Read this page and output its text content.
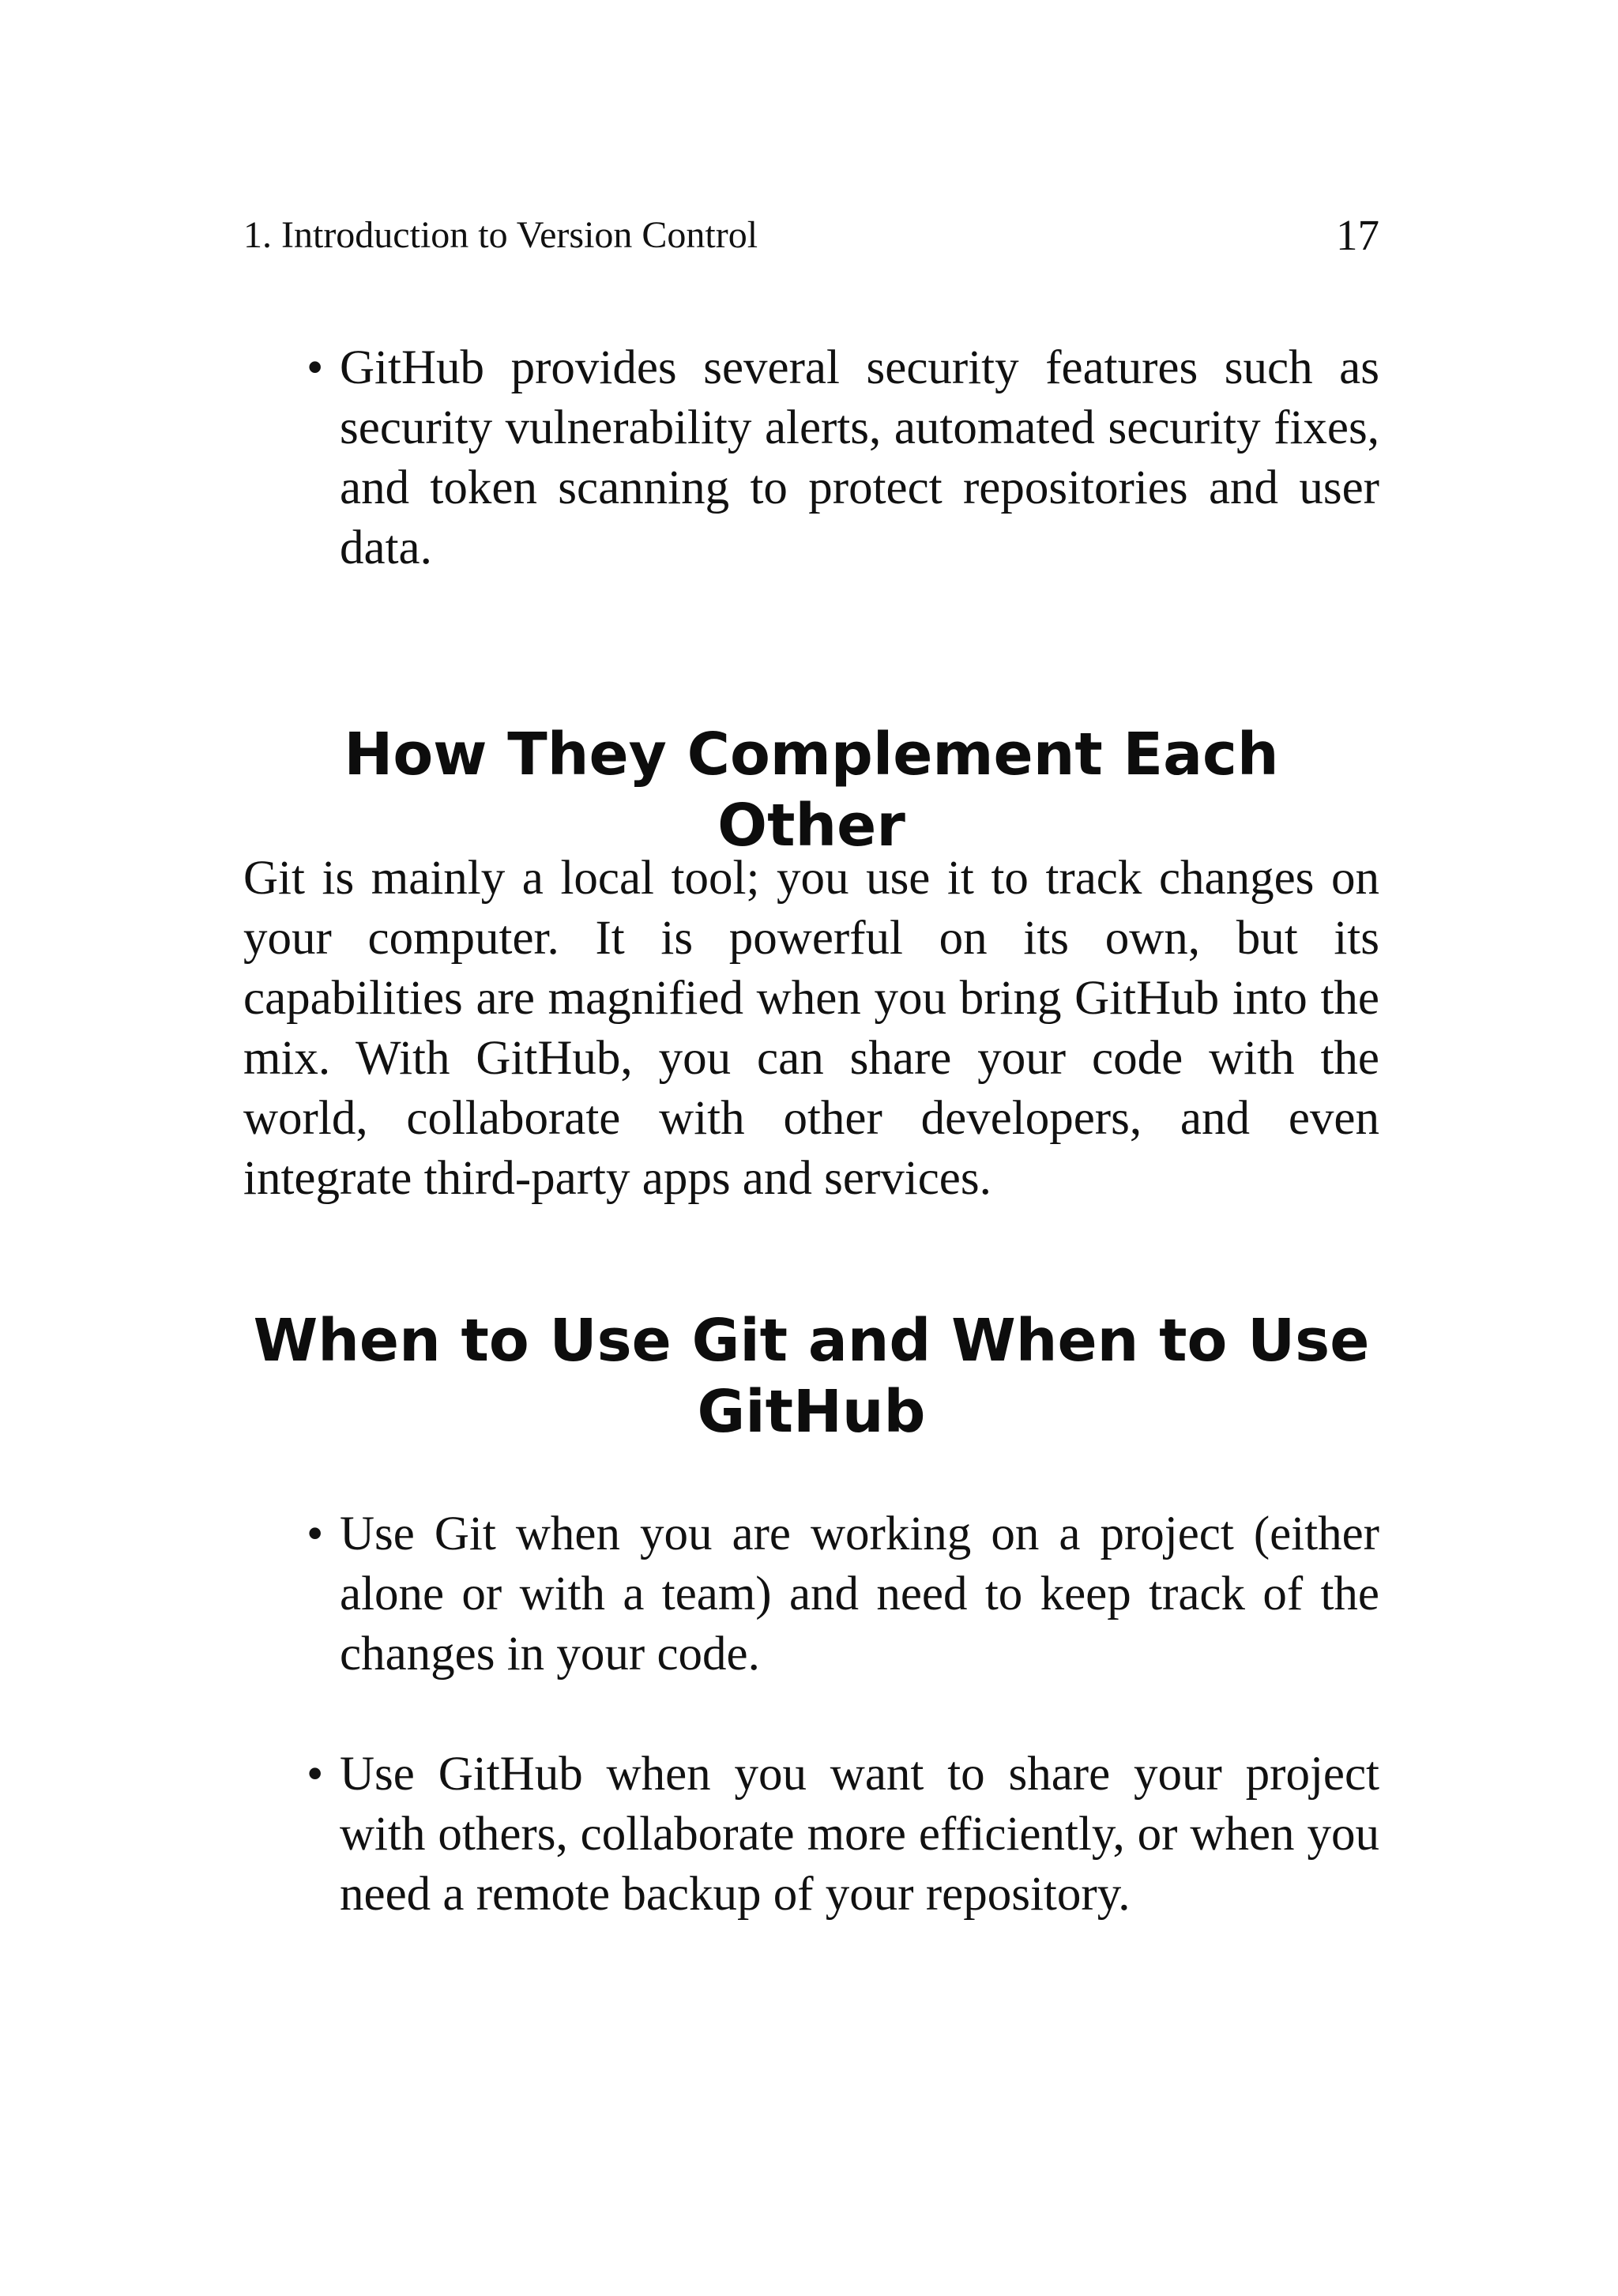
1. Introduction to Version Control	17
• GitHub provides several security features such as security vulnerability alerts, automated security fixes, and token scanning to protect repositories and user data.
How They Complement Each Other

Git is mainly a local tool; you use it to track changes on your computer. It is powerful on its own, but its capabilities are magnified when you bring GitHub into the mix. With GitHub, you can share your code with the world, collaborate with other developers, and even integrate third-party apps and services.

When to Use Git and When to Use GitHub
• Use Git when you are working on a project (either alone or with a team) and need to keep track of the changes in your code.
• Use GitHub when you want to share your project with others, collaborate more efficiently, or when you need a remote backup of your repository.
